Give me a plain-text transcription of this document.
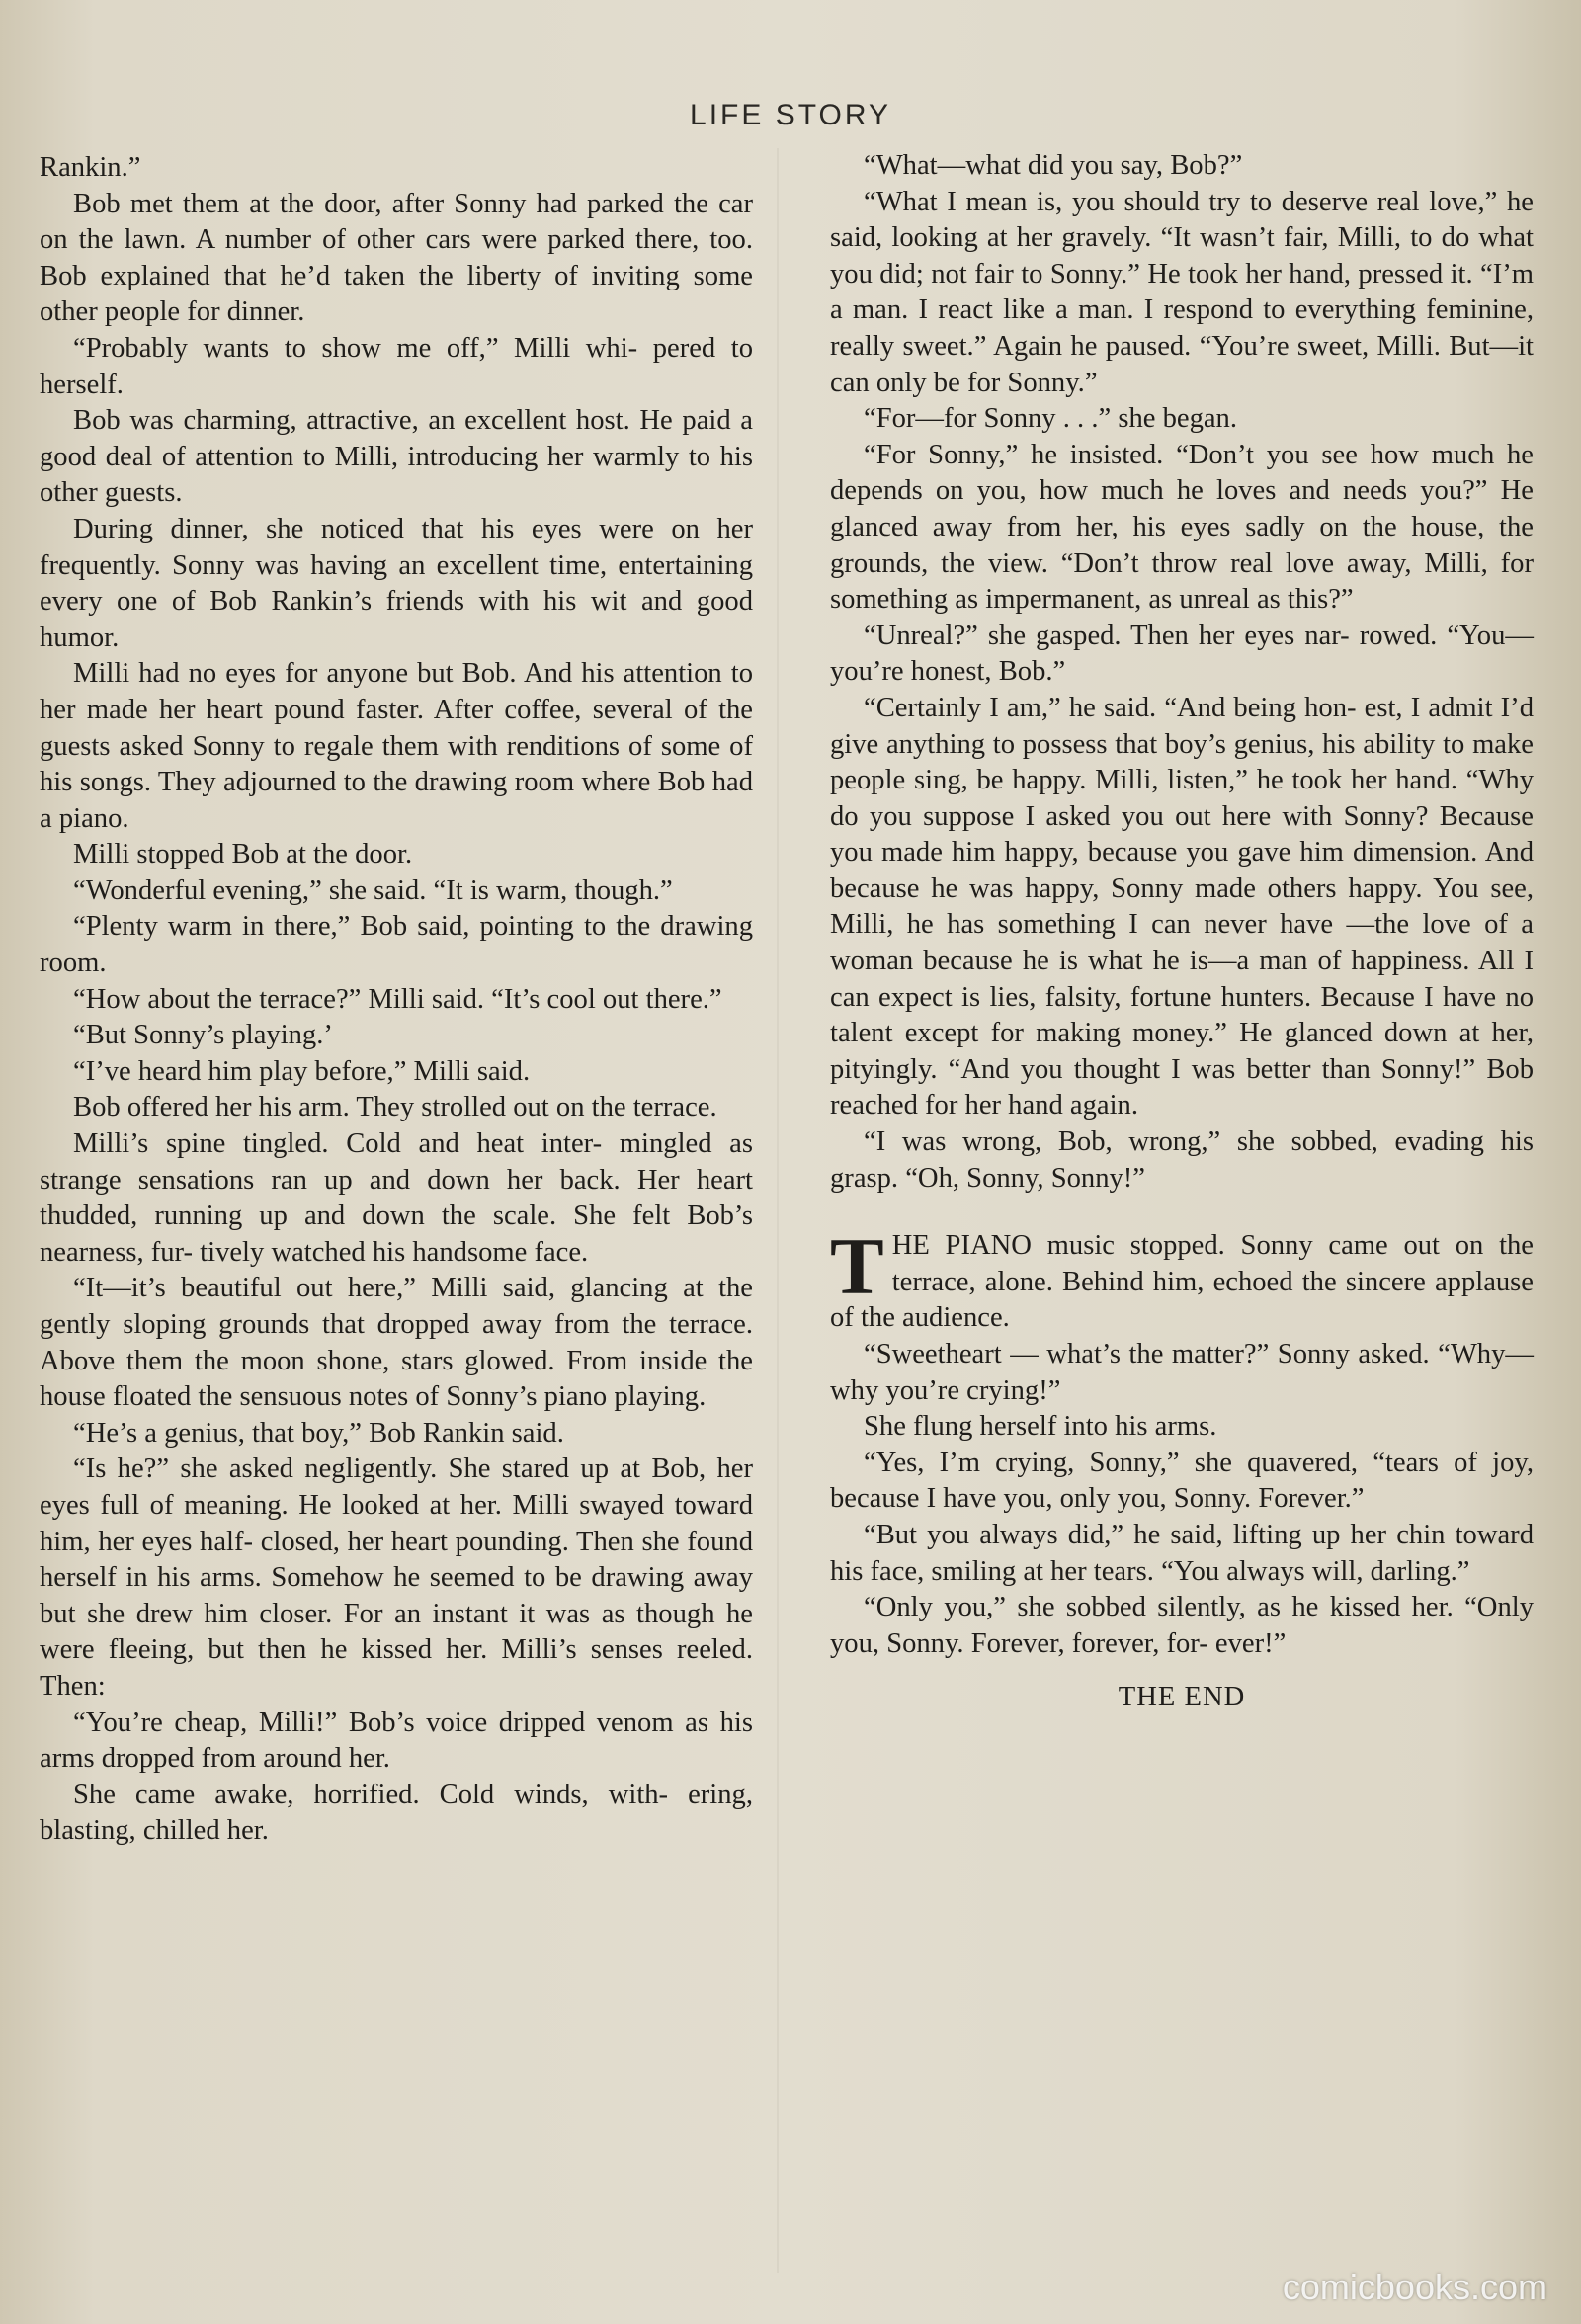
LIFE STORY

Rankin.”

Bob met them at the door, after Sonny had parked the car on the lawn. A number of other cars were parked there, too. Bob explained that he’d taken the liberty of inviting some other people for dinner.

“Probably wants to show me off,” Milli whi- pered to herself.

Bob was charming, attractive, an excellent host. He paid a good deal of attention to Milli, introducing her warmly to his other guests.

During dinner, she noticed that his eyes were on her frequently. Sonny was having an excellent time, entertaining every one of Bob Rankin’s friends with his wit and good humor.

Milli had no eyes for anyone but Bob. And his attention to her made her heart pound faster. After coffee, several of the guests asked Sonny to regale them with renditions of some of his songs. They adjourned to the drawing room where Bob had a piano.

Milli stopped Bob at the door.

“Wonderful evening,” she said. “It is warm, though.”

“Plenty warm in there,” Bob said, pointing to the drawing room.

“How about the terrace?” Milli said. “It’s cool out there.”

“But Sonny’s playing.’

“I’ve heard him play before,” Milli said.

Bob offered her his arm. They strolled out on the terrace.

Milli’s spine tingled. Cold and heat inter- mingled as strange sensations ran up and down her back. Her heart thudded, running up and down the scale. She felt Bob’s nearness, fur- tively watched his handsome face.

“It—it’s beautiful out here,” Milli said, glancing at the gently sloping grounds that dropped away from the terrace. Above them the moon shone, stars glowed. From inside the house floated the sensuous notes of Sonny’s piano playing.

“He’s a genius, that boy,” Bob Rankin said.

“Is he?” she asked negligently. She stared up at Bob, her eyes full of meaning. He looked at her. Milli swayed toward him, her eyes half- closed, her heart pounding. Then she found herself in his arms. Somehow he seemed to be drawing away but she drew him closer. For an instant it was as though he were fleeing, but then he kissed her. Milli’s senses reeled. Then:

“You’re cheap, Milli!” Bob’s voice dripped venom as his arms dropped from around her.

She came awake, horrified. Cold winds, with- ering, blasting, chilled her.

“What—what did you say, Bob?”

“What I mean is, you should try to deserve real love,” he said, looking at her gravely. “It wasn’t fair, Milli, to do what you did; not fair to Sonny.” He took her hand, pressed it. “I’m a man. I react like a man. I respond to everything feminine, really sweet.” Again he paused. “You’re sweet, Milli. But—it can only be for Sonny.”

“For—for Sonny . . .” she began.

“For Sonny,” he insisted. “Don’t you see how much he depends on you, how much he loves and needs you?” He glanced away from her, his eyes sadly on the house, the grounds, the view. “Don’t throw real love away, Milli, for something as impermanent, as unreal as this?”

“Unreal?” she gasped. Then her eyes nar- rowed. “You—you’re honest, Bob.”

“Certainly I am,” he said. “And being hon- est, I admit I’d give anything to possess that boy’s genius, his ability to make people sing, be happy. Milli, listen,” he took her hand. “Why do you suppose I asked you out here with Sonny? Because you made him happy, because you gave him dimension. And because he was happy, Sonny made others happy. You see, Milli, he has something I can never have —the love of a woman because he is what he is—a man of happiness. All I can expect is lies, falsity, fortune hunters. Because I have no talent except for making money.” He glanced down at her, pityingly. “And you thought I was better than Sonny!” Bob reached for her hand again.

“I was wrong, Bob, wrong,” she sobbed, evading his grasp. “Oh, Sonny, Sonny!”

THE PIANO music stopped. Sonny came out on the terrace, alone. Behind him, echoed the sincere applause of the audience.

“Sweetheart — what’s the matter?” Sonny asked. “Why—why you’re crying!”

She flung herself into his arms.

“Yes, I’m crying, Sonny,” she quavered, “tears of joy, because I have you, only you, Sonny. Forever.”

“But you always did,” he said, lifting up her chin toward his face, smiling at her tears. “You always will, darling.”

“Only you,” she sobbed silently, as he kissed her. “Only you, Sonny. Forever, forever, for- ever!”

THE END

comicbooks.com
